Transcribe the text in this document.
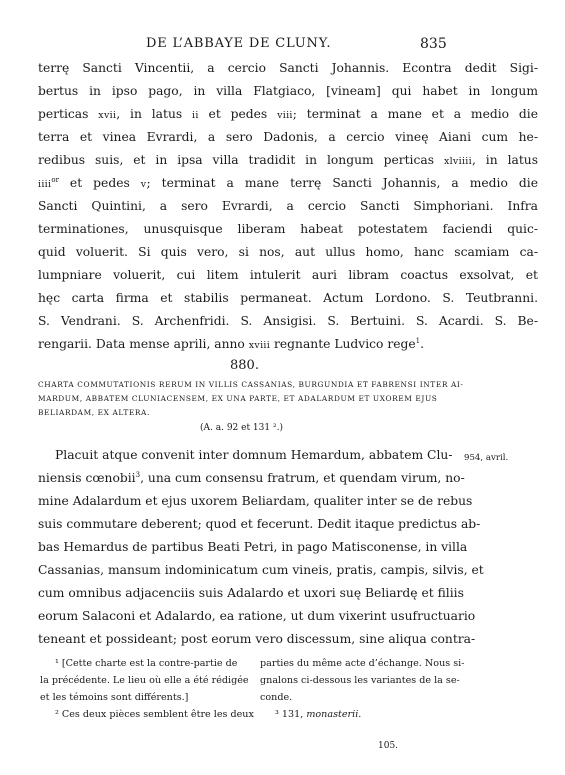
DE L’ABBAYE DE CLUNY.	835
terrę Sancti Vincentii, a cercio Sancti Johannis. Econtra dedit Sigi-
bertus in ipso pago, in villa Flatgiaco, [vineam] qui habet in longum
perticas xvii, in latus ii et pedes viii; terminat a mane et a medio die
terra et vinea Evrardi, a sero Dadonis, a cercio vineę Aiani cum he-
redibus suis, et in ipsa villa tradidit in longum perticas xlviiii, in latus
iiii$^{or}$ et pedes v; terminat a mane terrę Sancti Johannis, a medio die
Sancti Quintini, a sero Evrardi, a cercio Sancti Simphoriani. Infra
terminationes, unusquisque liberam habeat potestatem faciendi quic-
quid voluerit. Si quis vero, si nos, aut ullus homo, hanc scamiam ca-
lumpniare voluerit, cui litem intulerit auri libram coactus exsolvat, et
hęc carta firma et stabilis permaneat. Actum Lordono. S. Teutbranni.
S. Vendrani. S. Archenfridi. S. Ansigisi. S. Bertuini. S. Acardi. S. Be-
rengarii. Data mense aprili, anno xviii regnante Ludvico rege$^1$.
880.
CHARTA COMMUTATIONIS RERUM IN VILLIS CASSANIAS, BURGUNDIA ET FABRENSI INTER AI-
MARDUM, ABBATEM CLUNIACENSEM, EX UNA PARTE, ET ADALARDUM ET UXOREM EJUS
BELIARDAM, EX ALTERA.
(A. a. 92 et 131 ².)
954, avril.
Placuit atque convenit inter domnum Hemardum, abbatem Clu-
niensis cœnobii$^3$, una cum consensu fratrum, et quendam virum, no-
mine Adalardum et ejus uxorem Beliardam, qualiter inter se de rebus
suis commutare deberent; quod et fecerunt. Dedit itaque predictus ab-
bas Hemardus de partibus Beati Petri, in pago Matisconense, in villa
Cassanias, mansum indominicatum cum vineis, pratis, campis, silvis, et
cum omnibus adjacenciis suis Adalardo et uxori suę Beliardę et filiis
eorum Salaconi et Adalardo, ea ratione, ut dum vixerint usufructuario
teneant et possideant; post eorum vero discessum, sine aliqua contra-
¹ [Cette charte est la contre-partie de
la précédente. Le lieu où elle a été rédigée
et les témoins sont différents.]
² Ces deux pièces semblent être les deux
parties du même acte d’échange. Nous si-
gnalons ci-dessous les variantes de la se-
conde.
³ 131, monasterii.
105.
